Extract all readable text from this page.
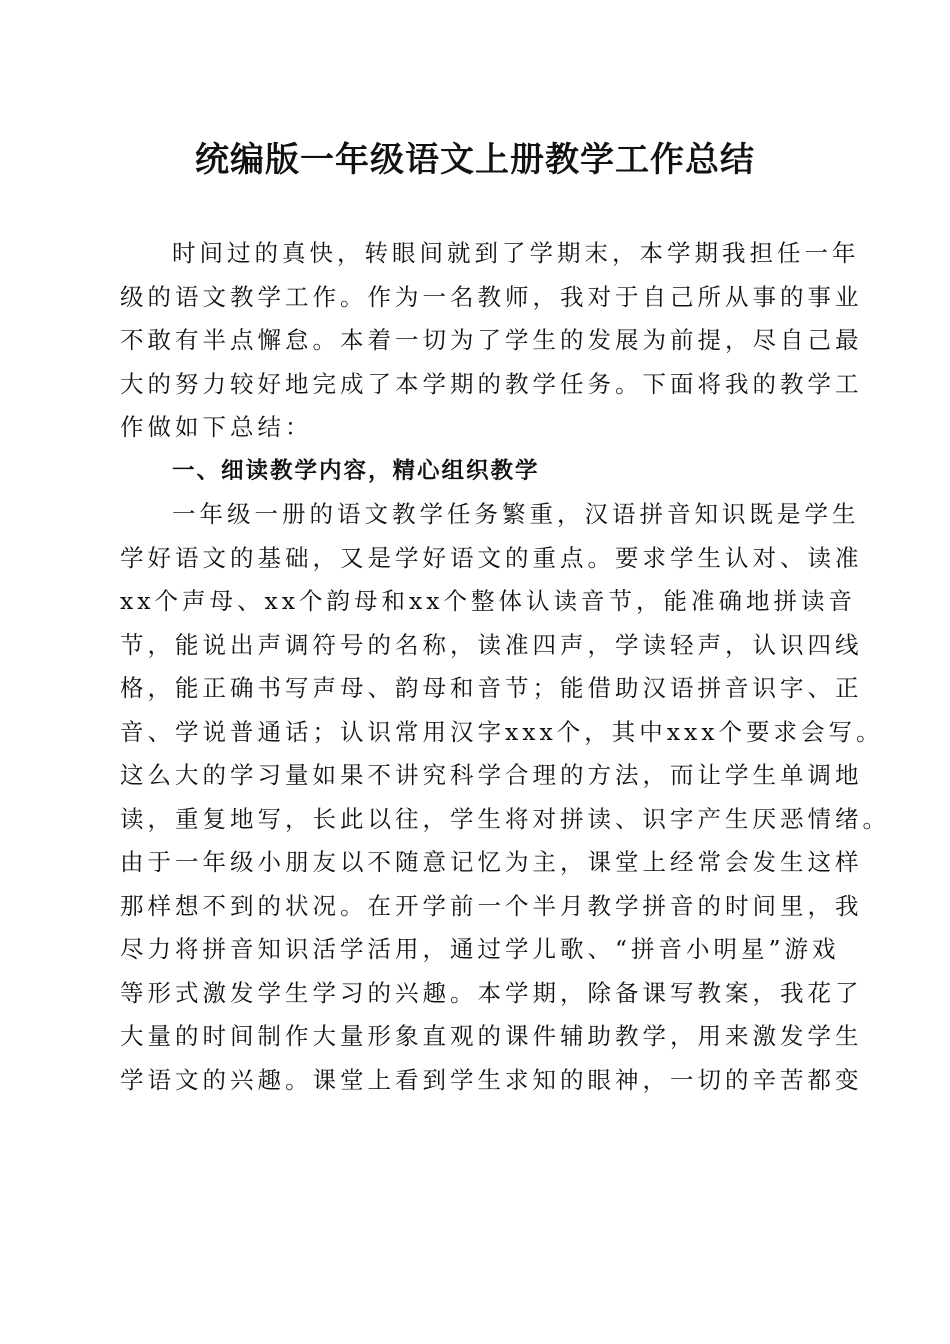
统编版一年级语文上册教学工作总结
时间过的真快，转眼间就到了学期末，本学期我担任一年
级的语文教学工作。作为一名教师，我对于自己所从事的事业
不敢有半点懈怠。本着一切为了学生的发展为前提，尽自己最
大的努力较好地完成了本学期的教学任务。下面将我的教学工
作做如下总结：
一、细读教学内容，精心组织教学
一年级一册的语文教学任务繁重，汉语拼音知识既是学生
学好语文的基础，又是学好语文的重点。要求学生认对、读准
xx个声母、xx个韵母和xx个整体认读音节，能准确地拼读音
节，能说出声调符号的名称，读准四声，学读轻声，认识四线
格，能正确书写声母、韵母和音节；能借助汉语拼音识字、正
音、学说普通话；认识常用汉字xxx个，其中xxx个要求会写。
这么大的学习量如果不讲究科学合理的方法，而让学生单调地
读，重复地写，长此以往，学生将对拼读、识字产生厌恶情绪。
由于一年级小朋友以不随意记忆为主，课堂上经常会发生这样
那样想不到的状况。在开学前一个半月教学拼音的时间里，我
尽力将拼音知识活学活用，通过学儿歌、“拼音小明星”游戏
等形式激发学生学习的兴趣。本学期，除备课写教案，我花了
大量的时间制作大量形象直观的课件辅助教学，用来激发学生
学语文的兴趣。课堂上看到学生求知的眼神，一切的辛苦都变
